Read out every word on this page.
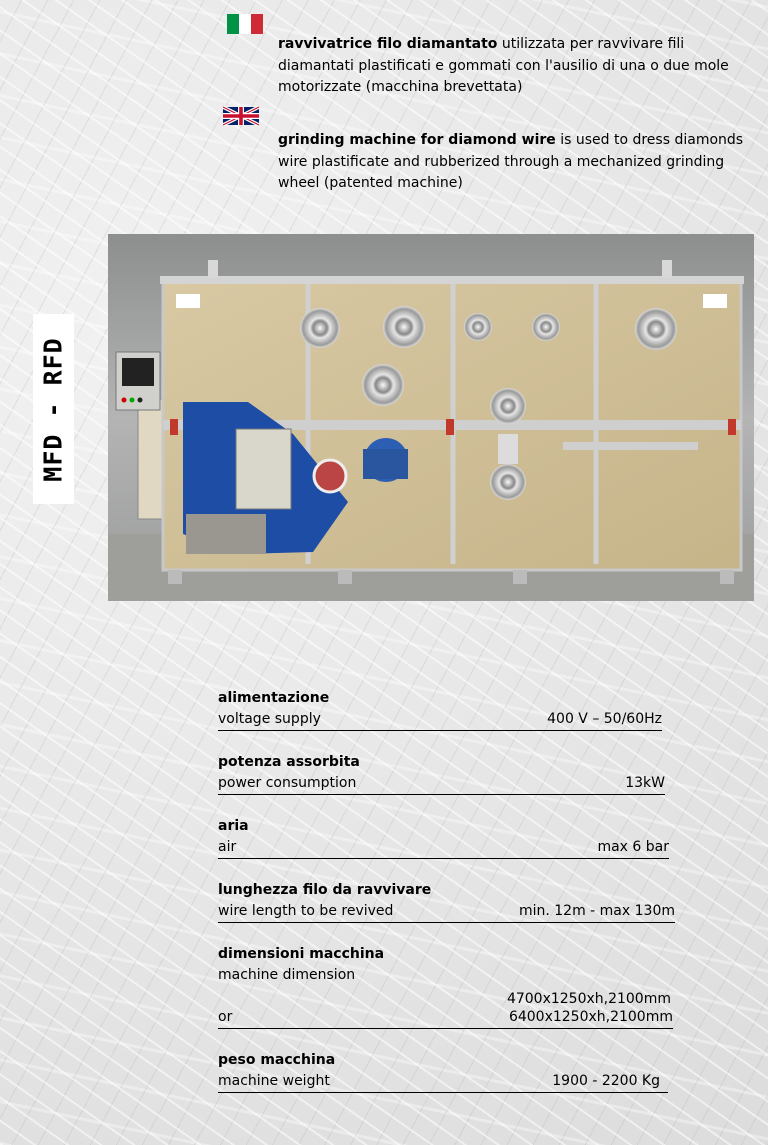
ravvivatrice filo diamantato utilizzata per ravvivare fili diamantati plastificati e gommati con l'ausilio di una o due mole motorizzate (macchina brevettata)
grinding machine for diamond wire is used to dress diamonds wire plastificate and rubberized through a mechanized grinding wheel (patented machine)
MFD - RFD
alimentazione
voltage supply	400 V – 50/60Hz
potenza assorbita
power consumption	13kW
aria
air	max 6 bar
lunghezza filo da ravvivare
wire length to be revived	min. 12m - max 130m
dimensioni macchina
machine dimension
4700x1250xh,2100mm
or	6400x1250xh,2100mm
peso macchina
machine weight	1900 - 2200 Kg
